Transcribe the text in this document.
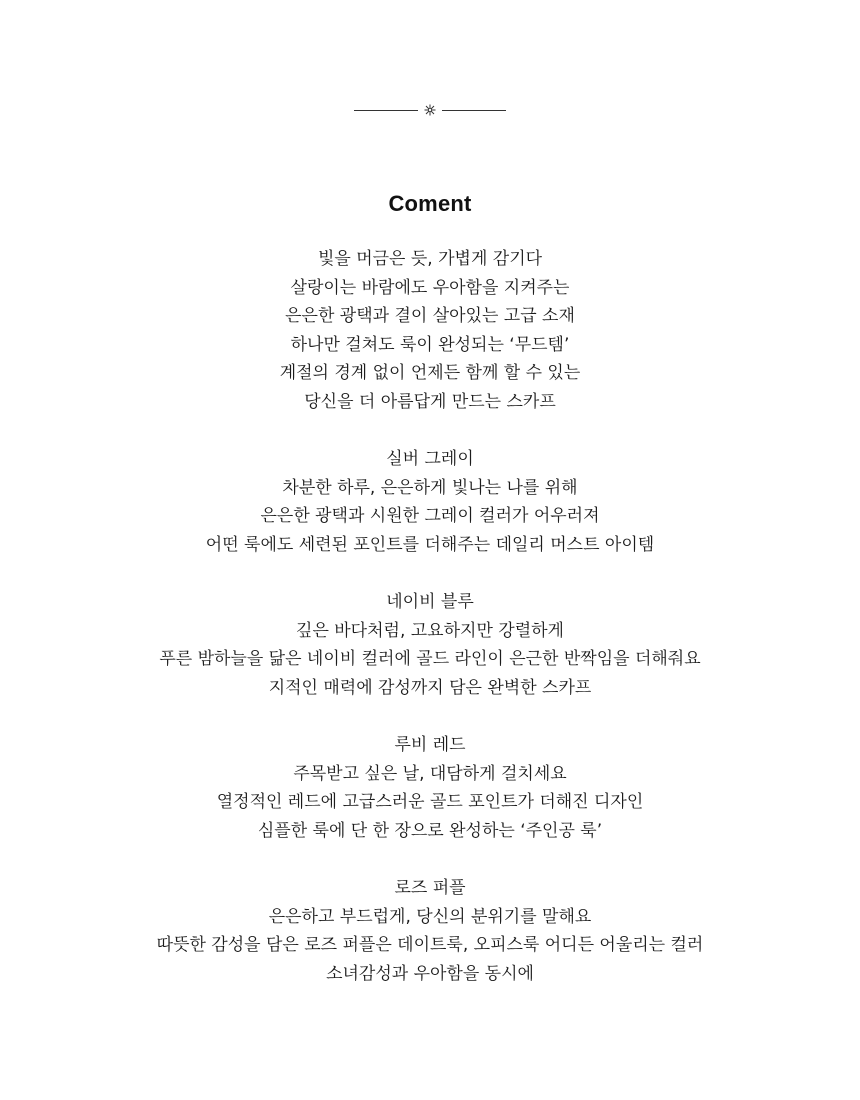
Coment

빛을 머금은 듯, 가볍게 감기다
살랑이는 바람에도 우아함을 지켜주는
은은한 광택과 결이 살아있는 고급 소재
하나만 걸쳐도 룩이 완성되는 ‘무드템’
계절의 경계 없이 언제든 함께 할 수 있는
당신을 더 아름답게 만드는 스카프

실버 그레이
차분한 하루, 은은하게 빛나는 나를 위해
은은한 광택과 시원한 그레이 컬러가 어우러져
어떤 룩에도 세련된 포인트를 더해주는 데일리 머스트 아이템

네이비 블루
깊은 바다처럼, 고요하지만 강렬하게
푸른 밤하늘을 닮은 네이비 컬러에 골드 라인이 은근한 반짝임을 더해줘요
지적인 매력에 감성까지 담은 완벽한 스카프

루비 레드
주목받고 싶은 날, 대담하게 걸치세요
열정적인 레드에 고급스러운 골드 포인트가 더해진 디자인
심플한 룩에 단 한 장으로 완성하는 ‘주인공 룩’

로즈 퍼플
은은하고 부드럽게, 당신의 분위기를 말해요
따뜻한 감성을 담은 로즈 퍼플은 데이트룩, 오피스룩 어디든 어울리는 컬러
소녀감성과 우아함을 동시에
